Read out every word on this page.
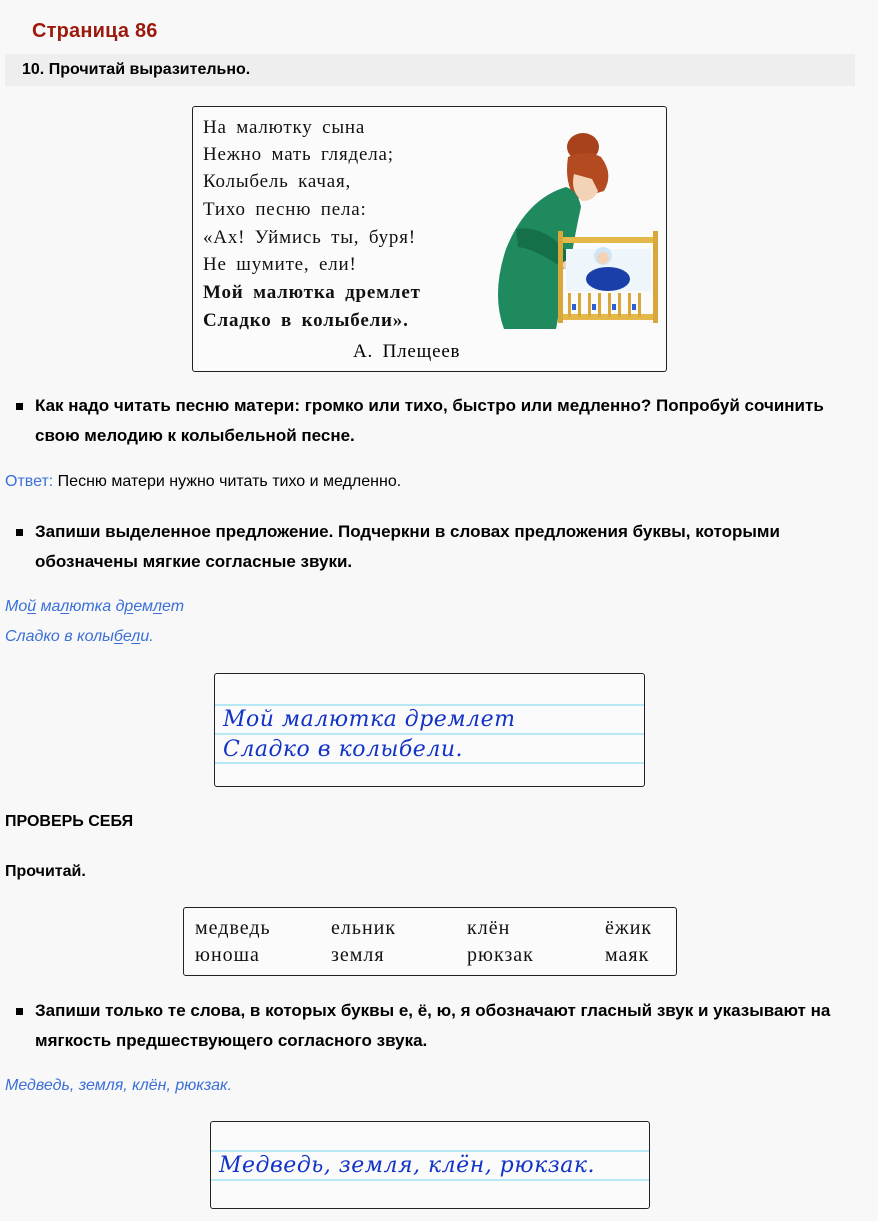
Страница 86
10. Прочитай выразительно.
На малютку сына
Нежно мать глядела;
Колыбель качая,
Тихо песню пела:
«Ах! Уймись ты, буря!
Не шумите, ели!
Мой малютка дремлет
Сладко в колыбели».
А. Плещеев
Как надо читать песню матери: громко или тихо, быстро или медленно? Попробуй сочинить свою мелодию к колыбельной песне.
Ответ: Песню матери нужно читать тихо и медленно.
Запиши выделенное предложение. Подчеркни в словах предложения буквы, которыми обозначены мягкие согласные звуки.
Мой малютка дремлет
Сладко в колыбели.
Мой малютка дремлет
Сладко в колыбели.
ПРОВЕРЬ СЕБЯ
Прочитай.
медведь	ельник	клён	ёжик
юноша	земля	рюкзак	маяк
Запиши только те слова, в которых буквы е, ё, ю, я обозначают гласный звук и указывают на мягкость предшествующего согласного звука.
Медведь, земля, клён, рюкзак.
Медведь, земля, клён, рюкзак.
